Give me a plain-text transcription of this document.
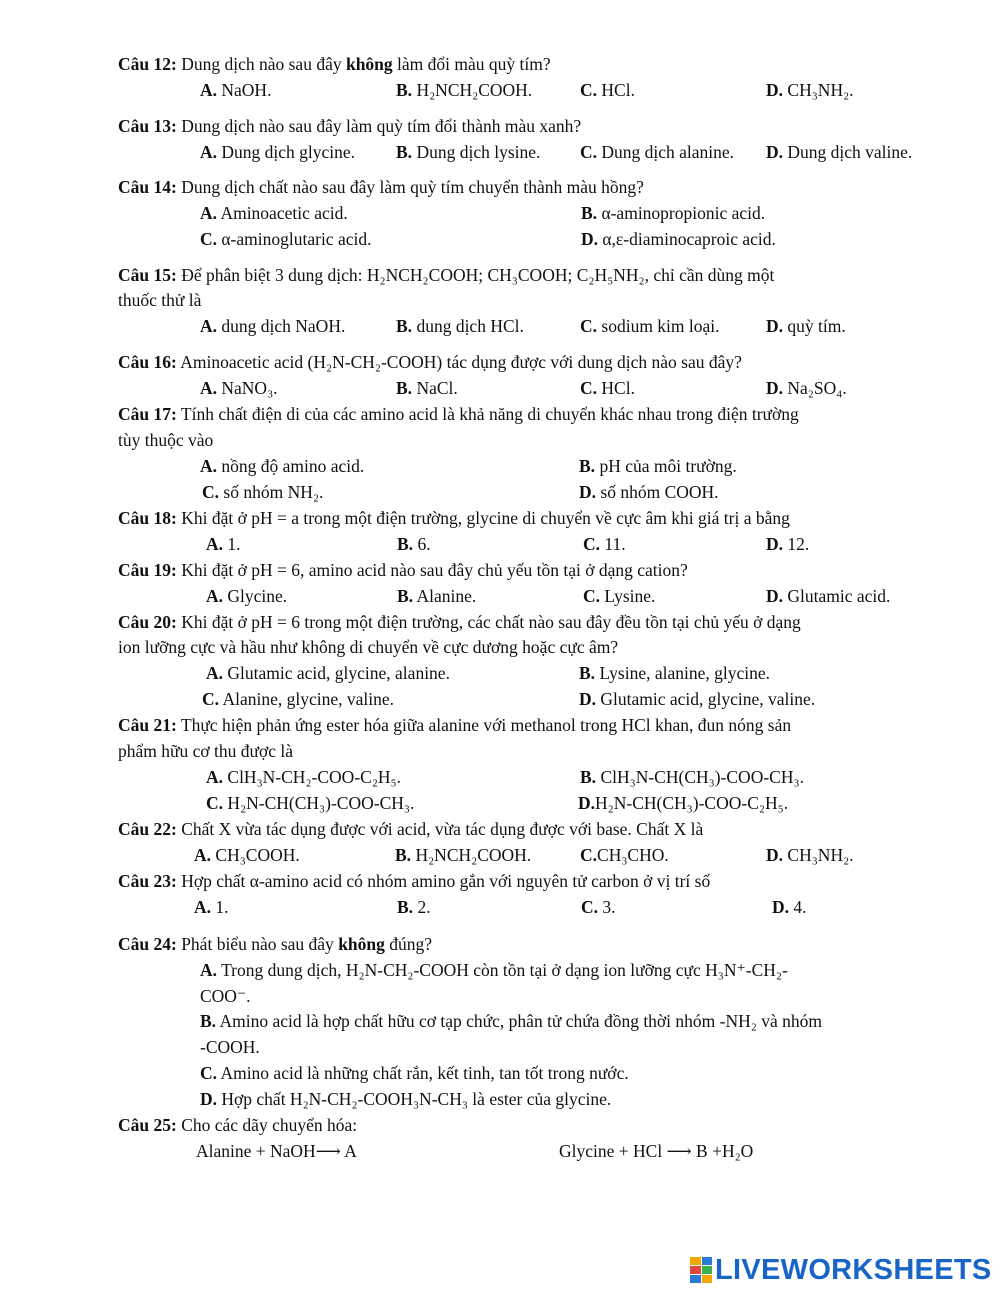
Câu 12: Dung dịch nào sau đây không làm đổi màu quỳ tím?
A. NaOH.	B. H₂NCH₂COOH.	C. HCl.	D. CH₃NH₂.
Câu 13: Dung dịch nào sau đây làm quỳ tím đổi thành màu xanh?
A. Dung dịch glycine. B. Dung dịch lysine. C. Dung dịch alanine. D. Dung dịch valine.
Câu 14: Dung dịch chất nào sau đây làm quỳ tím chuyển thành màu hồng?
A. Aminoacetic acid.	B. α-aminopropionic acid.
C. α-aminoglutaric acid.	D. α,ε-diaminocaproic acid.
Câu 15: Để phân biệt 3 dung dịch: H₂NCH₂COOH; CH₃COOH; C₂H₅NH₂, chỉ cần dùng một
thuốc thử là
A. dung dịch NaOH.	B. dung dịch HCl.	C. sodium kim loại.	D. quỳ tím.
Câu 16: Aminoacetic acid (H₂N-CH₂-COOH) tác dụng được với dung dịch nào sau đây?
A. NaNO₃.	B. NaCl.	C. HCl.	D. Na₂SO₄.
Câu 17: Tính chất điện di của các amino acid là khả năng di chuyển khác nhau trong điện trường
tùy thuộc vào
A. nồng độ amino acid.	B. pH của môi trường.
C. số nhóm NH₂.	D. số nhóm COOH.
Câu 18: Khi đặt ở pH = a trong một điện trường, glycine di chuyển về cực âm khi giá trị a bằng
A. 1.	B. 6.	C. 11.	D. 12.
Câu 19: Khi đặt ở pH = 6, amino acid nào sau đây chủ yếu tồn tại ở dạng cation?
A. Glycine.	B. Alanine.	C. Lysine.	D. Glutamic acid.
Câu 20: Khi đặt ở pH = 6 trong một điện trường, các chất nào sau đây đều tồn tại chủ yếu ở dạng
ion lưỡng cực và hầu như không di chuyển về cực dương hoặc cực âm?
A. Glutamic acid, glycine, alanine.	B. Lysine, alanine, glycine.
C. Alanine, glycine, valine.	D. Glutamic acid, glycine, valine.
Câu 21: Thực hiện phản ứng ester hóa giữa alanine với methanol trong HCl khan, đun nóng sản
phẩm hữu cơ thu được là
A. ClH₃N-CH₂-COO-C₂H₅.	B. ClH₃N-CH(CH₃)-COO-CH₃.
C. H₂N-CH(CH₃)-COO-CH₃.	D.H₂N-CH(CH₃)-COO-C₂H₅.
Câu 22: Chất X vừa tác dụng được với acid, vừa tác dụng được với base. Chất X là
A. CH₃COOH.	B. H₂NCH₂COOH.	C.CH₃CHO.	D. CH₃NH₂.
Câu 23: Hợp chất α-amino acid có nhóm amino gắn với nguyên tử carbon ở vị trí số
A. 1.	B. 2.	C. 3.	D. 4.
Câu 24: Phát biểu nào sau đây không đúng?
A. Trong dung dịch, H₂N-CH₂-COOH còn tồn tại ở dạng ion lưỡng cực H₃N⁺-CH₂-
COO⁻.
B. Amino acid là hợp chất hữu cơ tạp chức, phân tử chứa đồng thời nhóm -NH₂ và nhóm
-COOH.
C. Amino acid là những chất rắn, kết tinh, tan tốt trong nước.
D. Hợp chất H₂N-CH₂-COOH₃N-CH₃ là ester của glycine.
Câu 25: Cho các dãy chuyển hóa:
Alanine + NaOH⟶ A	Glycine + HCl ⟶ B +H₂O
LIVEWORKSHEETS
